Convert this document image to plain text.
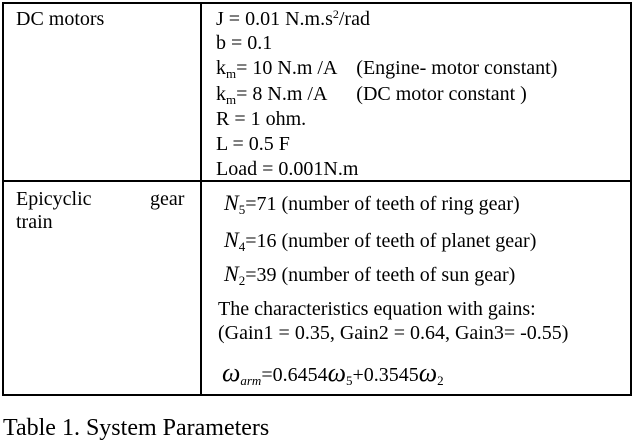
DC motors	J = 0.01 $N.m.s^2$/rad
b = 0.1
$k_m= 10$ N.m /A    (Engine- motor constant)
$k_m= 8$ N.m /A      (DC motor constant )
R = 1 ohm.
L = 0.5 F
Load = 0.001N.m
Epicyclic	gear
train
$N_5=71$ (number of teeth of ring gear)
$N_4=16$ (number of teeth of planet gear)
$N_2=39$ (number of teeth of sun gear)
The characteristics equation with gains:
(Gain1 = 0.35, Gain2 = 0.64, Gain3= -0.55)
$\omega_{arm}=0.6454\omega_5+0.3545\omega_2$
Table 1. System Parameters
